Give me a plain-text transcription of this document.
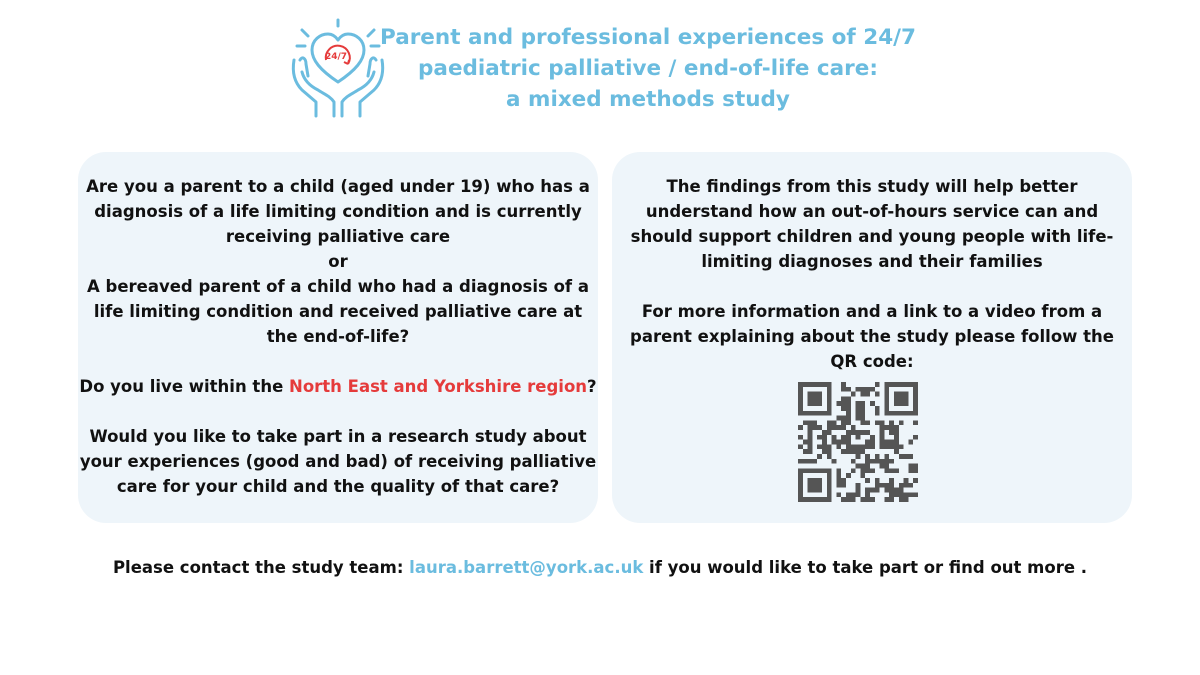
24/7
Parent and professional experiences of 24/7
paediatric palliative / end-of-life care:
a mixed methods study
Are you a parent to a child (aged under 19) who has a
diagnosis of a life limiting condition and is currently
receiving palliative care
or
A bereaved parent of a child who had a diagnosis of a
life limiting condition and received palliative care at
the end-of-life?
Do you live within the North East and Yorkshire region?
Would you like to take part in a research study about
your experiences (good and bad) of receiving palliative
care for your child and the quality of that care?
The findings from this study will help better
understand how an out-of-hours service can and
should support children and young people with life-
limiting diagnoses and their families
For more information and a link to a video from a
parent explaining about the study please follow the
QR code:
Please contact the study team: laura.barrett@york.ac.uk if you would like to take part or find out more .
